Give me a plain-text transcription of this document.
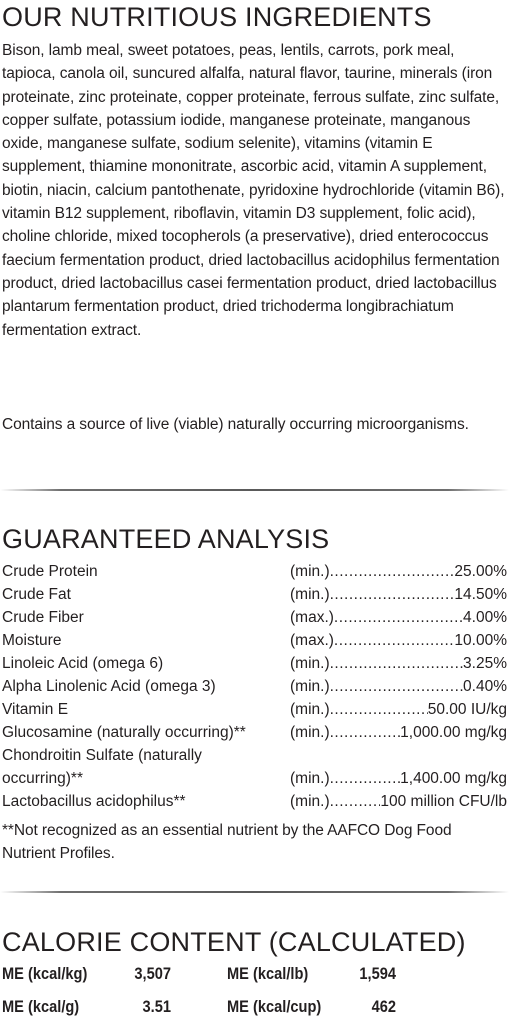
OUR NUTRITIOUS INGREDIENTS
Bison, lamb meal, sweet potatoes, peas, lentils, carrots, pork meal, tapioca, canola oil, suncured alfalfa, natural flavor, taurine, minerals (iron proteinate, zinc proteinate, copper proteinate, ferrous sulfate, zinc sulfate, copper sulfate, potassium iodide, manganese proteinate, manganous oxide, manganese sulfate, sodium selenite), vitamins (vitamin E supplement, thiamine mononitrate, ascorbic acid, vitamin A supplement, biotin, niacin, calcium pantothenate, pyridoxine hydrochloride (vitamin B6), vitamin B12 supplement, riboflavin, vitamin D3 supplement, folic acid), choline chloride, mixed tocopherols (a preservative), dried enterococcus faecium fermentation product, dried lactobacillus acidophilus fermentation product, dried lactobacillus casei fermentation product, dried lactobacillus plantarum fermentation product, dried trichoderma longibrachiatum fermentation extract.
Contains a source of live (viable) naturally occurring microorganisms.
GUARANTEED ANALYSIS
Crude Protein	(min.) .....	25.00%
Crude Fat	(min.) .....	14.50%
Crude Fiber	(max.) .....	4.00%
Moisture	(max.) .....	10.00%
Linoleic Acid (omega 6)	(min.) .....	3.25%
Alpha Linolenic Acid (omega 3)	(min.) .....	0.40%
Vitamin E	(min.) .....	50.00 IU/kg
Glucosamine (naturally occurring)**	(min.) .....	1,000.00 mg/kg
Chondroitin Sulfate (naturally
occurring)**	(min.) .....	1,400.00 mg/kg
Lactobacillus acidophilus**	(min.) .....	100 million CFU/lb
**Not recognized as an essential nutrient by the AAFCO Dog Food Nutrient Profiles.
CALORIE CONTENT (CALCULATED)
ME (kcal/kg)	3,507	ME (kcal/lb)	1,594
ME (kcal/g)	3.51	ME (kcal/cup)	462
